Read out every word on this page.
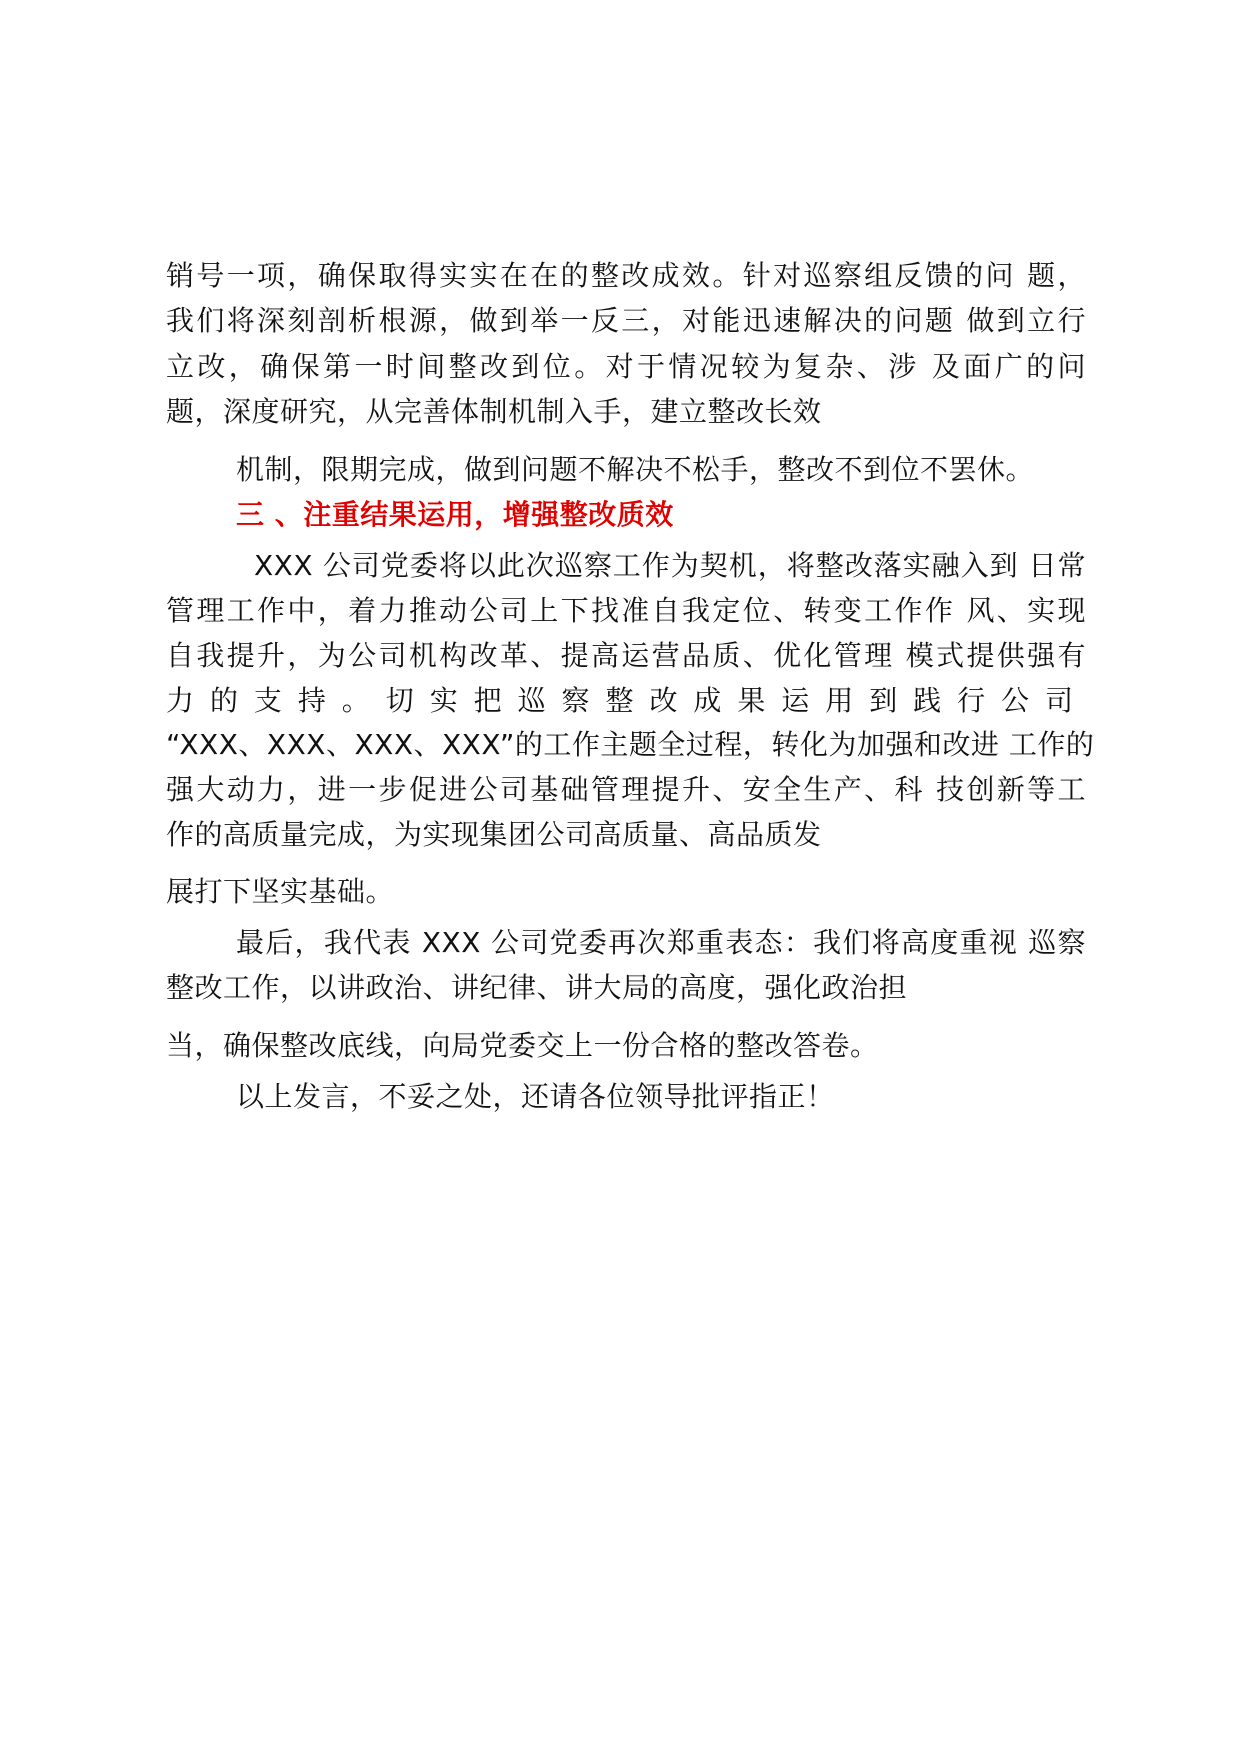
销号一项，确保取得实实在在的整改成效。针对巡察组反馈的问 题，
我们将深刻剖析根源，做到举一反三，对能迅速解决的问题 做到立行
立改，确保第一时间整改到位。对于情况较为复杂、涉 及面广的问
题，深度研究，从完善体制机制入手，建立整改长效
机制，限期完成，做到问题不解决不松手，整改不到位不罢休。
三 、注重结果运用，增强整改质效
XXX 公司党委将以此次巡察工作为契机，将整改落实融入到 日常
管理工作中，着力推动公司上下找准自我定位、转变工作作 风、实现
自我提升，为公司机构改革、提高运营品质、优化管理 模式提供强有
力的支持。切实把巡察整改成果运用到践行公司
“XXX、XXX、XXX、XXX”的工作主题全过程，转化为加强和改进 工作的
强大动力，进一步促进公司基础管理提升、安全生产、科 技创新等工
作的高质量完成，为实现集团公司高质量、高品质发
展打下坚实基础。
最后，我代表 XXX 公司党委再次郑重表态：我们将高度重视 巡察
整改工作，以讲政治、讲纪律、讲大局的高度，强化政治担
当，确保整改底线，向局党委交上一份合格的整改答卷。
以上发言，不妥之处，还请各位领导批评指正！
